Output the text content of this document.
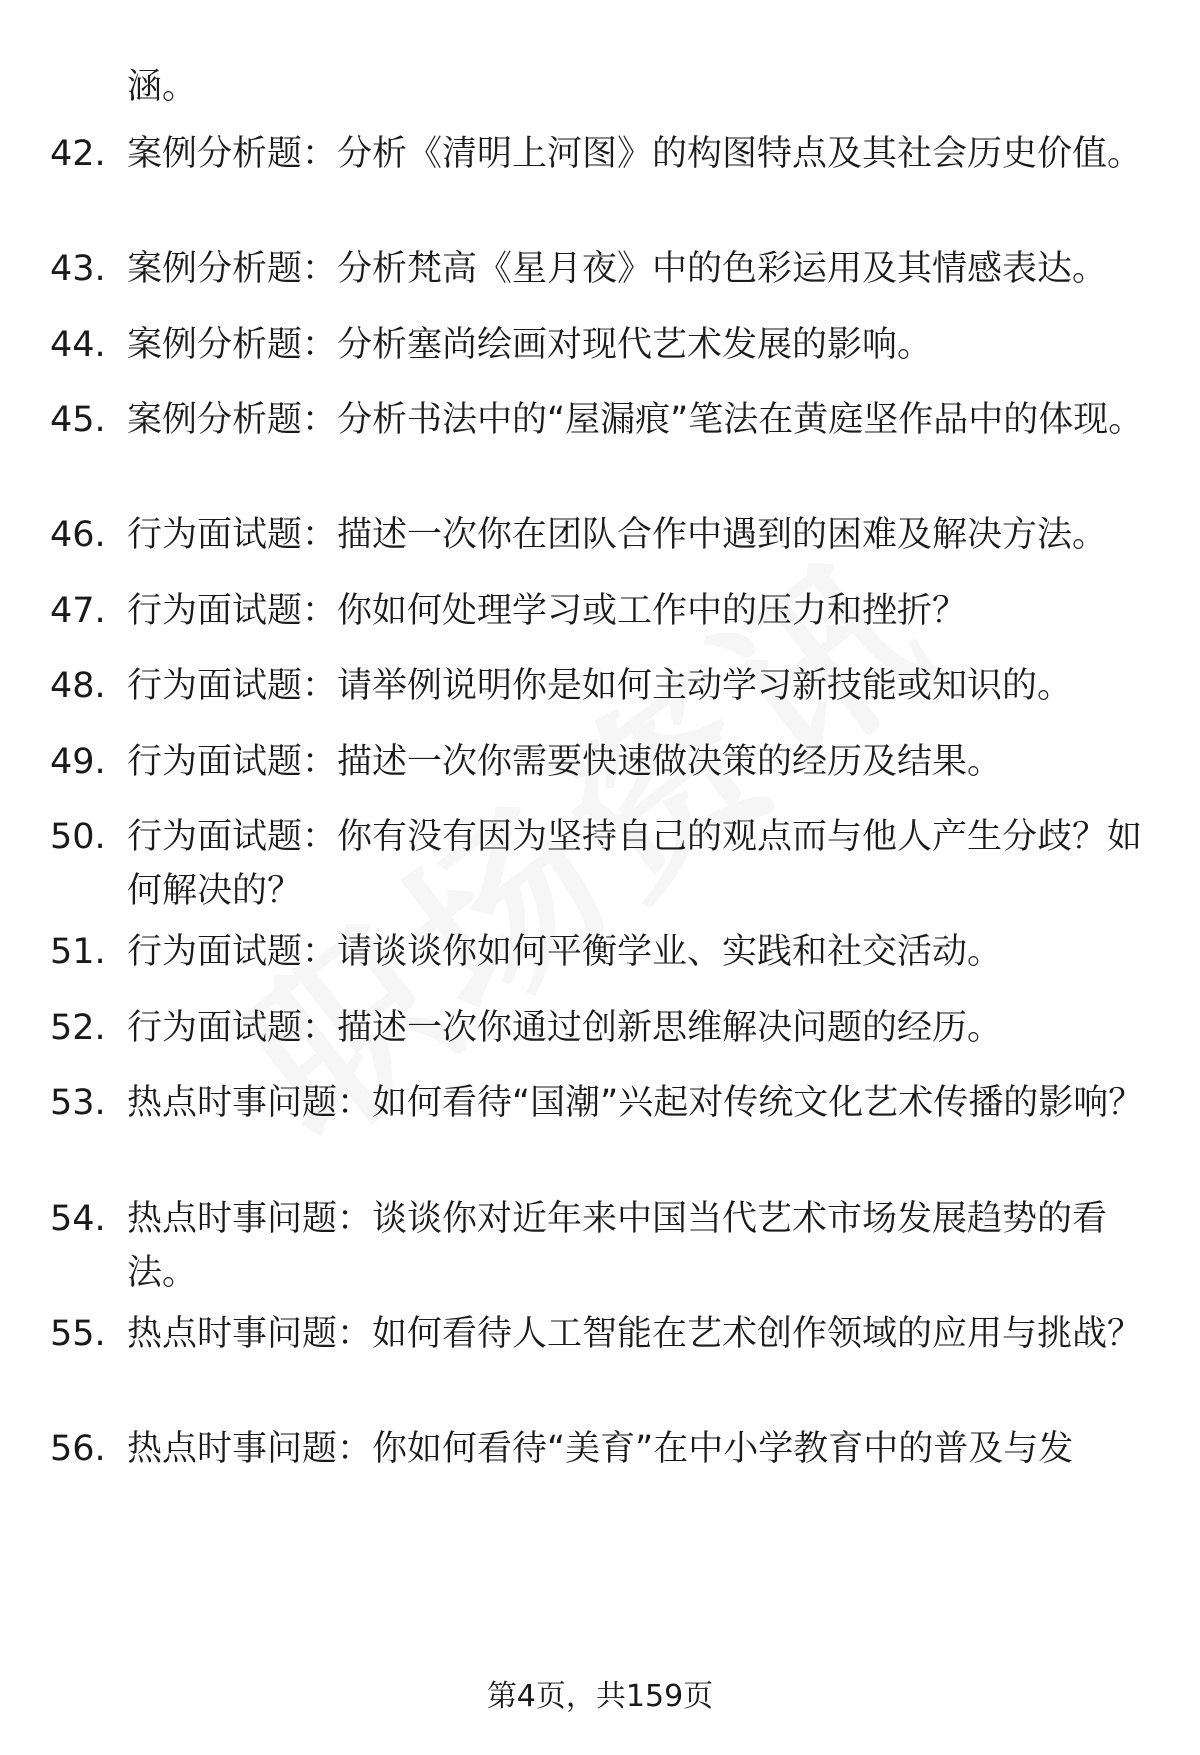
涵。
42. 案例分析题：分析《清明上河图》的构图特点及其社会历史价值。
43. 案例分析题：分析梵高《星月夜》中的色彩运用及其情感表达。
44. 案例分析题：分析塞尚绘画对现代艺术发展的影响。
45. 案例分析题：分析书法中的“屋漏痕”笔法在黄庭坚作品中的体现。
46. 行为面试题：描述一次你在团队合作中遇到的困难及解决方法。
47. 行为面试题：你如何处理学习或工作中的压力和挫折？
48. 行为面试题：请举例说明你是如何主动学习新技能或知识的。
49. 行为面试题：描述一次你需要快速做决策的经历及结果。
50. 行为面试题：你有没有因为坚持自己的观点而与他人产生分歧？如何解决的？
51. 行为面试题：请谈谈你如何平衡学业、实践和社交活动。
52. 行为面试题：描述一次你通过创新思维解决问题的经历。
53. 热点时事问题：如何看待“国潮”兴起对传统文化艺术传播的影响？
54. 热点时事问题：谈谈你对近年来中国当代艺术市场发展趋势的看法。
55. 热点时事问题：如何看待人工智能在艺术创作领域的应用与挑战？
56. 热点时事问题：你如何看待“美育”在中小学教育中的普及与发
第4页，共159页
